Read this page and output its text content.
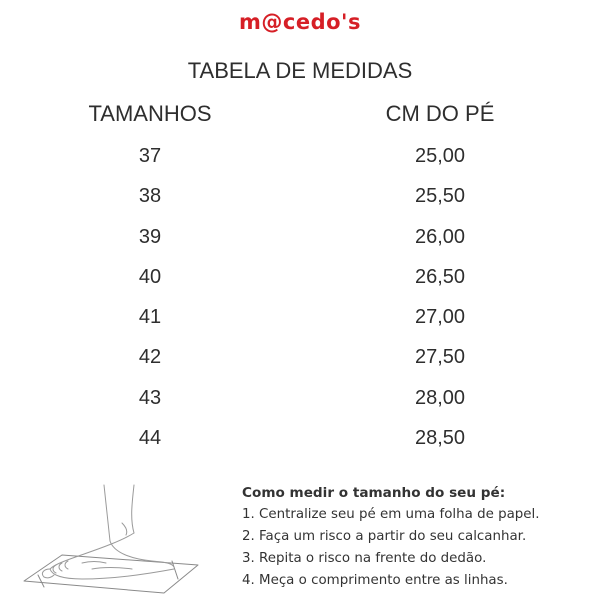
m@cedo's
TABELA DE MEDIDAS
TAMANHOS	CM DO PÉ
37	25,00
38	25,50
39	26,00
40	26,50
41	27,00
42	27,50
43	28,00
44	28,50
Como medir o tamanho do seu pé:
1. Centralize seu pé em uma folha de papel.
2. Faça um risco a partir do seu calcanhar.
3. Repita o risco na frente do dedão.
4. Meça o comprimento entre as linhas.
